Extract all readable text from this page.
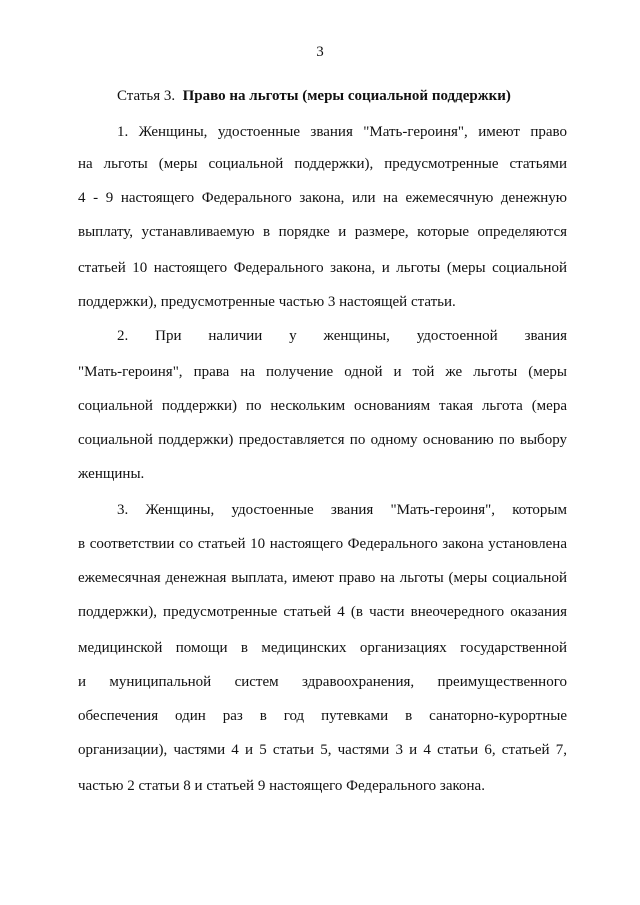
3
Статья 3. Право на льготы (меры социальной поддержки)
1. Женщины, удостоенные звания "Мать-героиня", имеют право
на льготы (меры социальной поддержки), предусмотренные статьями
4 - 9 настоящего Федерального закона, или на ежемесячную денежную
выплату, устанавливаемую в порядке и размере, которые определяются
статьей 10 настоящего Федерального закона, и льготы (меры социальной
поддержки), предусмотренные частью 3 настоящей статьи.
2. При наличии у женщины, удостоенной звания
"Мать-героиня", права на получение одной и той же льготы (меры
социальной поддержки) по нескольким основаниям такая льгота (мера
социальной поддержки) предоставляется по одному основанию по выбору
женщины.
3. Женщины, удостоенные звания "Мать-героиня", которым
в соответствии со статьей 10 настоящего Федерального закона установлена
ежемесячная денежная выплата, имеют право на льготы (меры социальной
поддержки), предусмотренные статьей 4 (в части внеочередного оказания
медицинской помощи в медицинских организациях государственной
и муниципальной систем здравоохранения, преимущественного
обеспечения один раз в год путевками в санаторно-курортные
организации), частями 4 и 5 статьи 5, частями 3 и 4 статьи 6, статьей 7,
частью 2 статьи 8 и статьей 9 настоящего Федерального закона.
